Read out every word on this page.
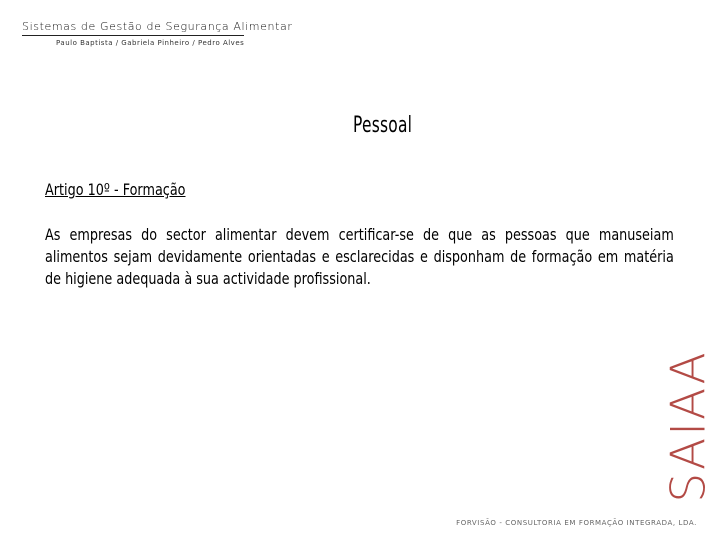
Sistemas de Gestão de Segurança Alimentar
Paulo Baptista / Gabriela Pinheiro / Pedro Alves
Pessoal
Artigo 10º - Formação
As empresas do sector alimentar devem certificar-se de que as pessoas que manuseiam alimentos sejam devidamente orientadas e esclarecidas e disponham de formação em matéria de higiene adequada à sua actividade profissional.
SAIAA
FORVISÃO - CONSULTORIA EM FORMAÇÃO INTEGRADA, LDA.
